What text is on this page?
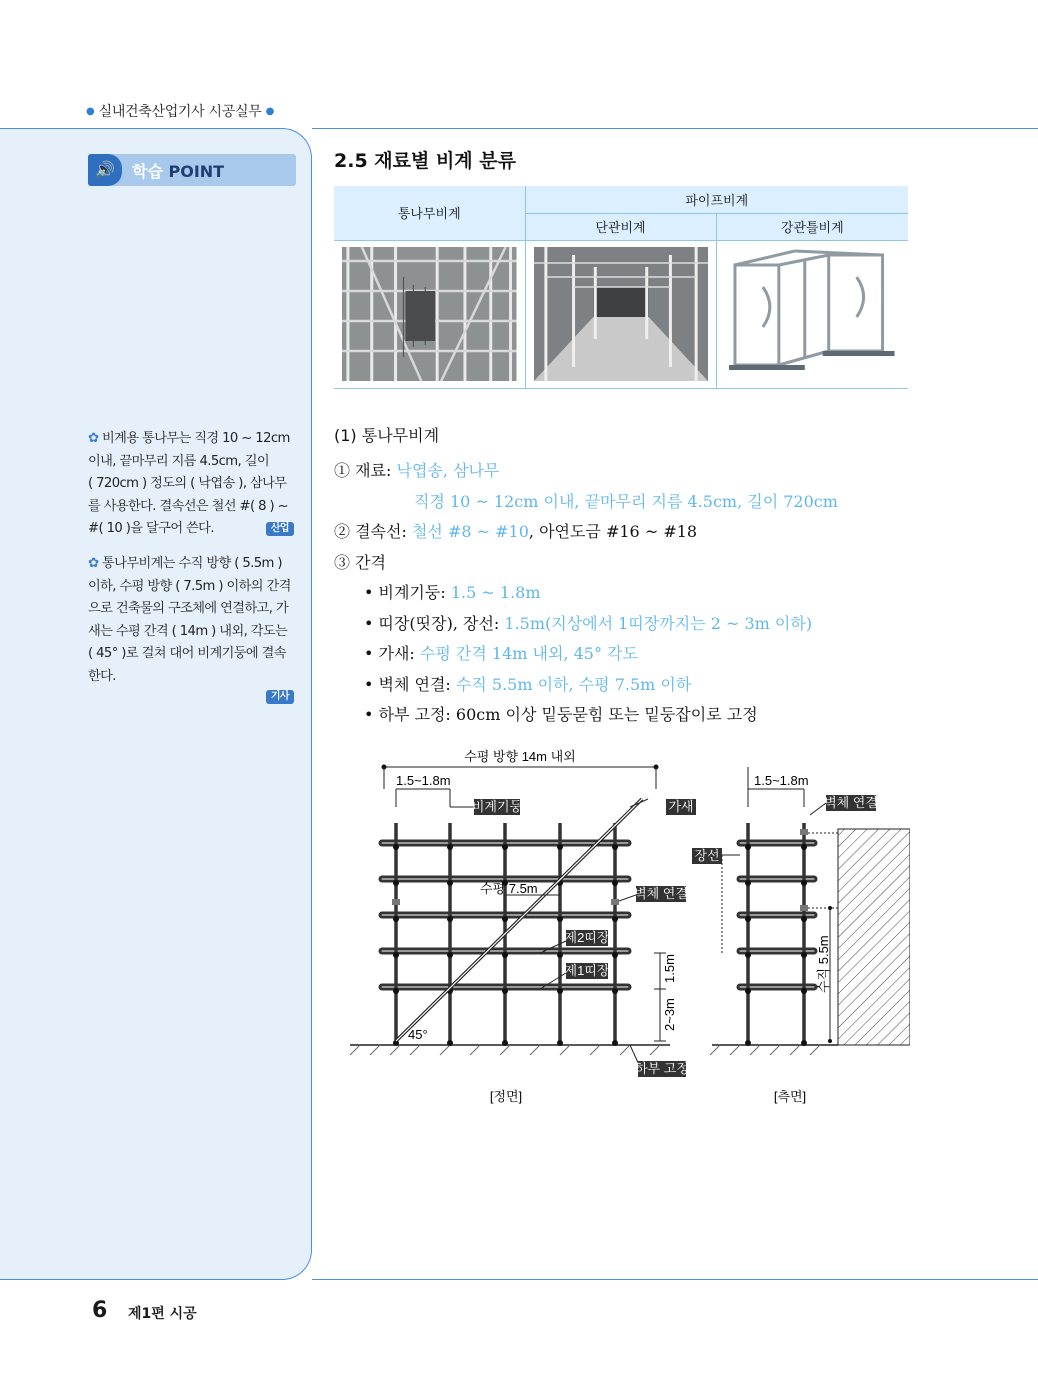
● 실내건축산업기사 시공실무 ●
🔊	학습 POINT
✿ 비계용 통나무는 직경 10 ~ 12cm
이내, 끝마무리 지름 4.5cm, 길이
( 720cm ) 정도의 ( 낙엽송 ), 삼나무
를 사용한다. 결속선은 철선 #( 8 ) ~
#( 10 )을 달구어 쓴다.	산업
✿ 통나무비계는 수직 방향 ( 5.5m )
이하, 수평 방향 ( 7.5m ) 이하의 간격
으로 건축물의 구조체에 연결하고, 가
새는 수평 간격 ( 14m ) 내외, 각도는
( 45° )로 걸쳐 대어 비계기둥에 결속
한다.
기사
2.5 재료별 비계 분류
통나무비계	파이프비계	
	단관비계	강관틀비계

(1) 통나무비계
① 재료: 낙엽송, 삼나무
직경 10 ~ 12cm 이내, 끝마무리 지름 4.5cm, 길이 720cm
② 결속선: 철선 #8 ~ #10, 아연도금 #16 ~ #18
③ 간격
• 비계기둥: 1.5 ~ 1.8m
• 띠장(띳장), 장선: 1.5m(지상에서 1띠장까지는 2 ~ 3m 이하)
• 가새: 수평 간격 14m 내외, 45° 각도
• 벽체 연결: 수직 5.5m 이하, 수평 7.5m 이하
• 하부 고정: 60cm 이상 밑둥묻힘 또는 밑둥잡이로 고정
수평 방향 14m 내외
1.5~1.8m
비계기둥	가새
수평 7.5m	벽체 연결
제2띠장
제1띠장	1.5m
2~3m
45°
하부 고정
[정면]
1.5~1.8m
벽체 연결
장선
수직 5.5m
[측면]
6 제1편 시공
